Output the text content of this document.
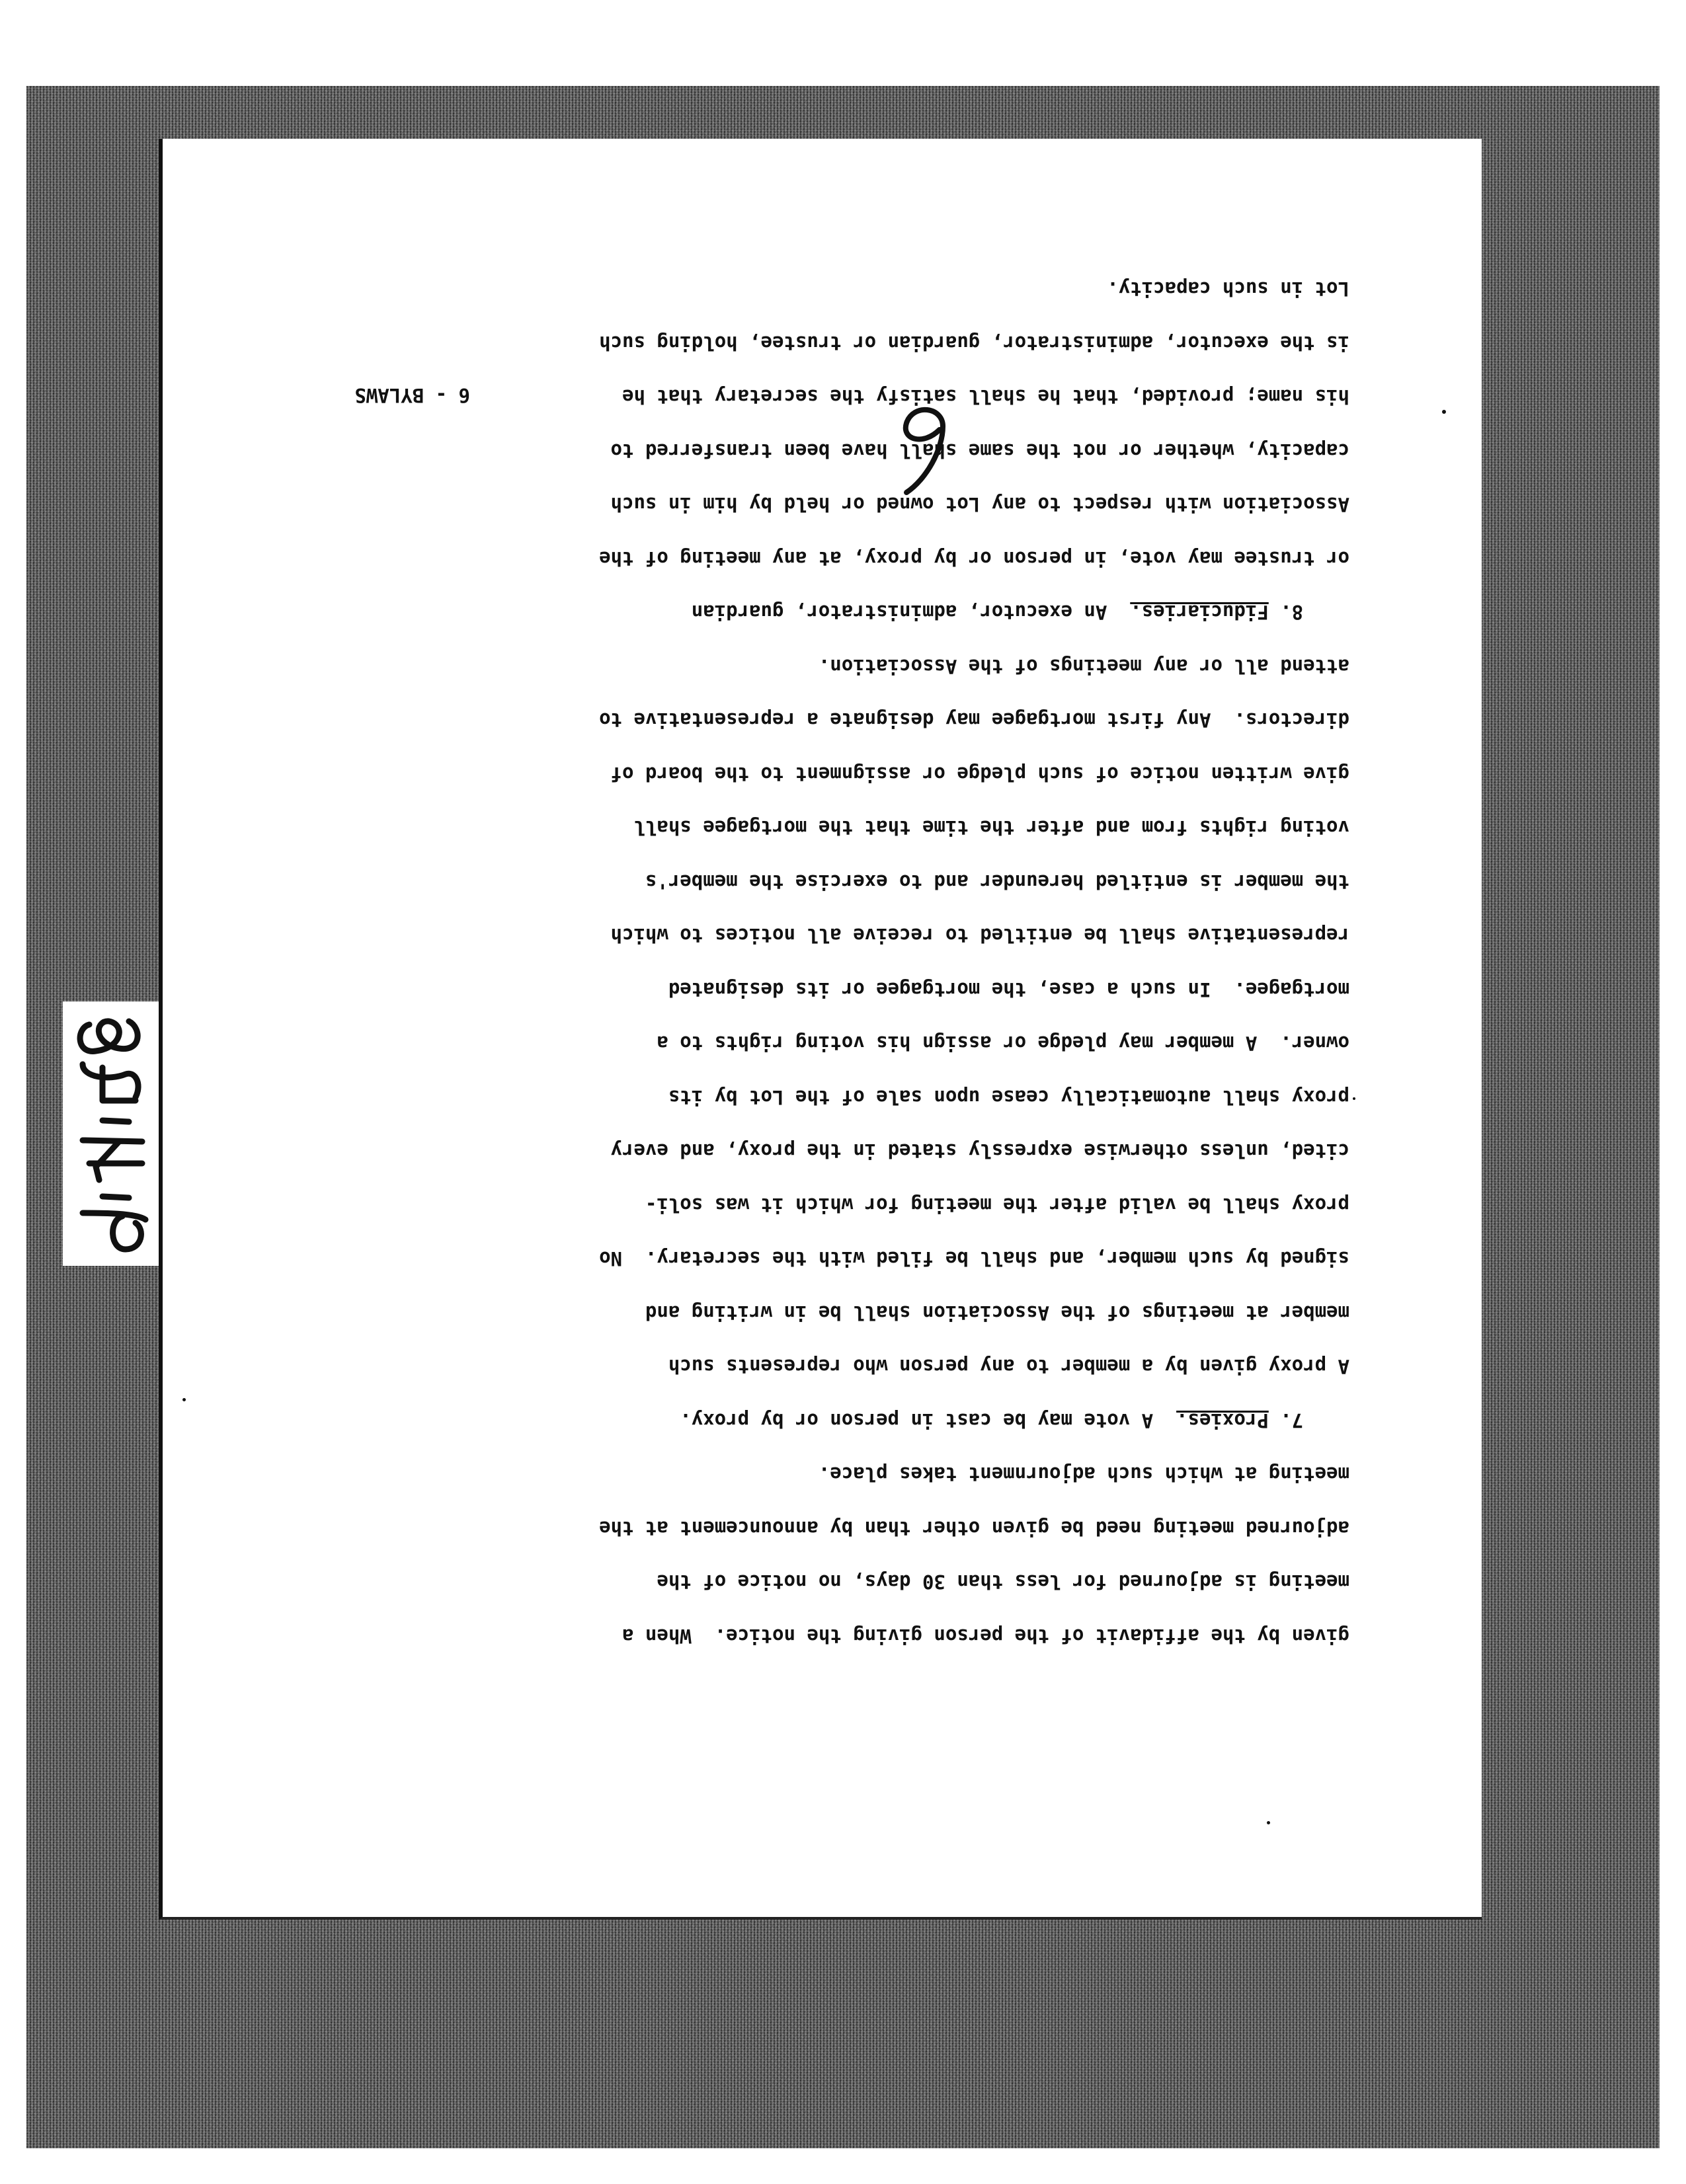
given by the affidavit of the person giving the notice.  When a
meeting is adjourned for less than 30 days, no notice of the
adjourned meeting need be given other than by announcement at the
meeting at which such adjournment takes place.
7. Proxies.  A vote may be cast in person or by proxy.
A proxy given by a member to any person who represents such
member at meetings of the Association shall be in writing and
signed by such member, and shall be filed with the secretary.  No
proxy shall be valid after the meeting for which it was soli-
cited, unless otherwise expressly stated in the proxy, and every
proxy shall automatically cease upon sale of the Lot by its
owner.  A member may pledge or assign his voting rights to a
mortgagee.  In such a case, the mortgagee or its designated
representative shall be entitled to receive all notices to which
the member is entitled hereunder and to exercise the member's
voting rights from and after the time that the mortgagee shall
give written notice of such pledge or assignment to the board of
directors.  Any first mortgagee may designate a representative to
attend all or any meetings of the Association.
8. Fiduciaries.  An executor, administrator, guardian
or trustee may vote, in person or by proxy, at any meeting of the
Association with respect to any Lot owned or held by him in such
capacity, whether or not the same shall have been transferred to
his name; provided, that he shall satisfy the secretary that he
is the executor, administrator, guardian or trustee, holding such
Lot in such capacity.
6 - BYLAWS
